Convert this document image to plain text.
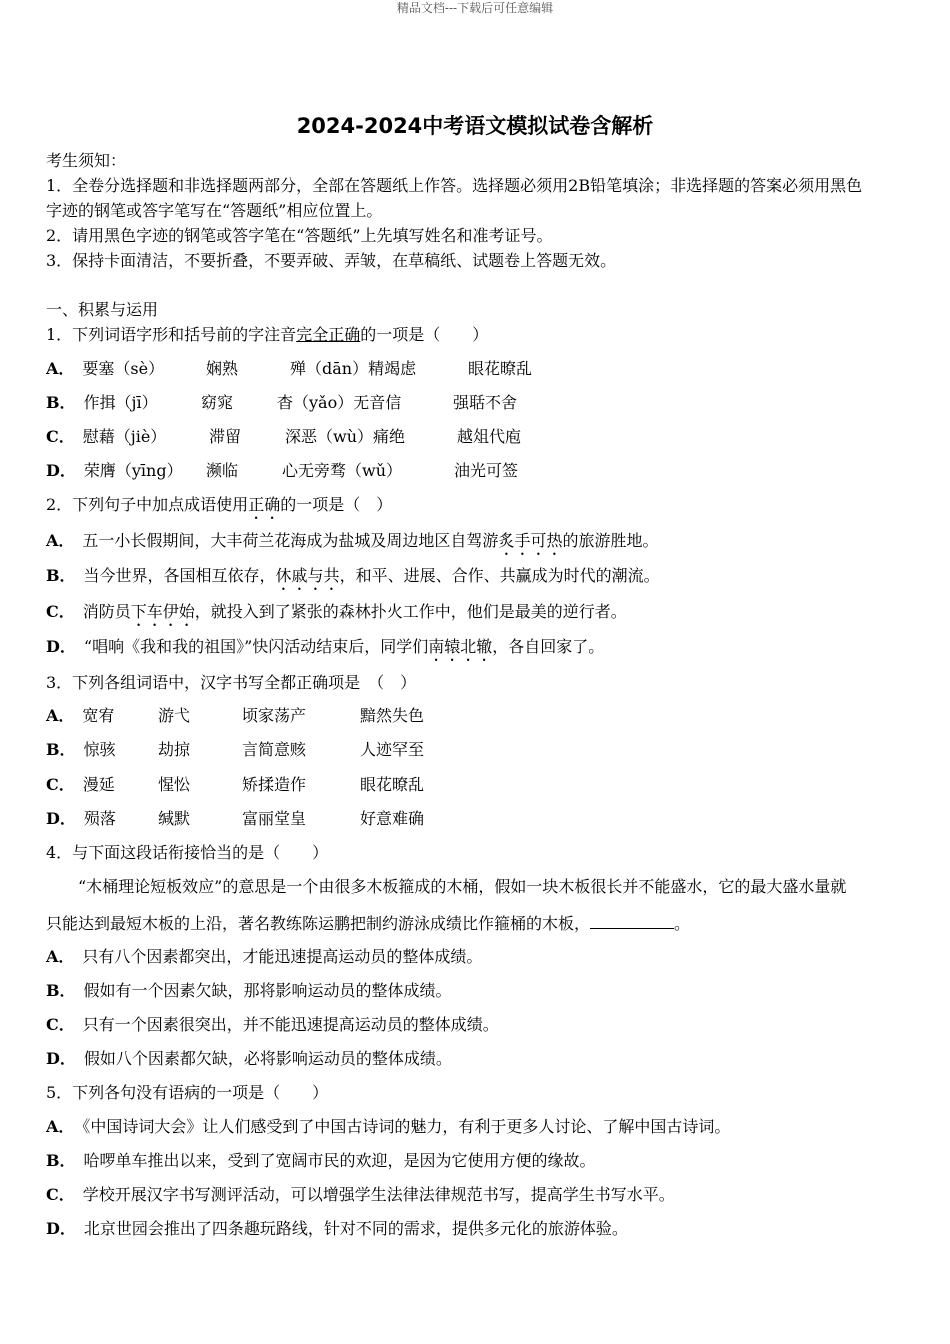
精品文档---下载后可任意编辑
2024-2024中考语文模拟试卷含解析
考生须知：
1．全卷分选择题和非选择题两部分，全部在答题纸上作答。选择题必须用2B铅笔填涂；非选择题的答案必须用黑色
字迹的钢笔或答字笔写在“答题纸”相应位置上。
2．请用黑色字迹的钢笔或答字笔在“答题纸”上先填写姓名和准考证号。
3．保持卡面清洁，不要折叠，不要弄破、弄皱，在草稿纸、试题卷上答题无效。
一、积累与运用
1．下列词语字形和括号前的字注音完全正确的一项是（　　）
A． 要塞（sè）	娴熟	殚（dān）精竭虑	眼花暸乱
B． 作揖（jī）	窈窕	杳（yǎo）无音信	强聒不舍
C． 慰藉（jiè）	滞留	深恶（wù）痛绝	越俎代庖
D． 荣膺（yīng） 濒临	心无旁骛（wǔ）	油光可签
2．下列句子中加点成语使用正确的一项是（　）
A． 五一小长假期间，大丰荷兰花海成为盐城及周边地区自驾游炙手可热的旅游胜地。
B． 当今世界，各国相互依存，休戚与共，和平、进展、合作、共赢成为时代的潮流。
C． 消防员下车伊始，就投入到了紧张的森林扑火工作中，他们是最美的逆行者。
D． “唱响《我和我的祖国》”快闪活动结束后，同学们南辕北辙，各自回家了。
3．下列各组词语中，汉字书写全都正确项是　（　）
A． 宽宥	游弋	顷家荡产	黯然失色
B． 惊骇	劫掠	言简意赅	人迹罕至
C． 漫延	惺忪	矫揉造作	眼花暸乱
D． 殒落	缄默	富丽堂皇	好意难确
4．与下面这段话衔接恰当的是（　　）
“木桶理论短板效应”的意思是一个由很多木板箍成的木桶，假如一块木板很长并不能盛水，它的最大盛水量就
只能达到最短木板的上沿，著名教练陈运鹏把制约游泳成绩比作箍桶的木板，	。
A． 只有八个因素都突出，才能迅速提高运动员的整体成绩。
B． 假如有一个因素欠缺，那将影响运动员的整体成绩。
C． 只有一个因素很突出，并不能迅速提高运动员的整体成绩。
D． 假如八个因素都欠缺，必将影响运动员的整体成绩。
5．下列各句没有语病的一项是（　　）
A． 《中国诗词大会》让人们感受到了中国古诗词的魅力，有利于更多人讨论、了解中国古诗词。
B． 哈啰单车推出以来，受到了宽阔市民的欢迎，是因为它使用方便的缘故。
C． 学校开展汉字书写测评活动，可以增强学生法律法律规范书写，提高学生书写水平。
D． 北京世园会推出了四条趣玩路线，针对不同的需求，提供多元化的旅游体验。
